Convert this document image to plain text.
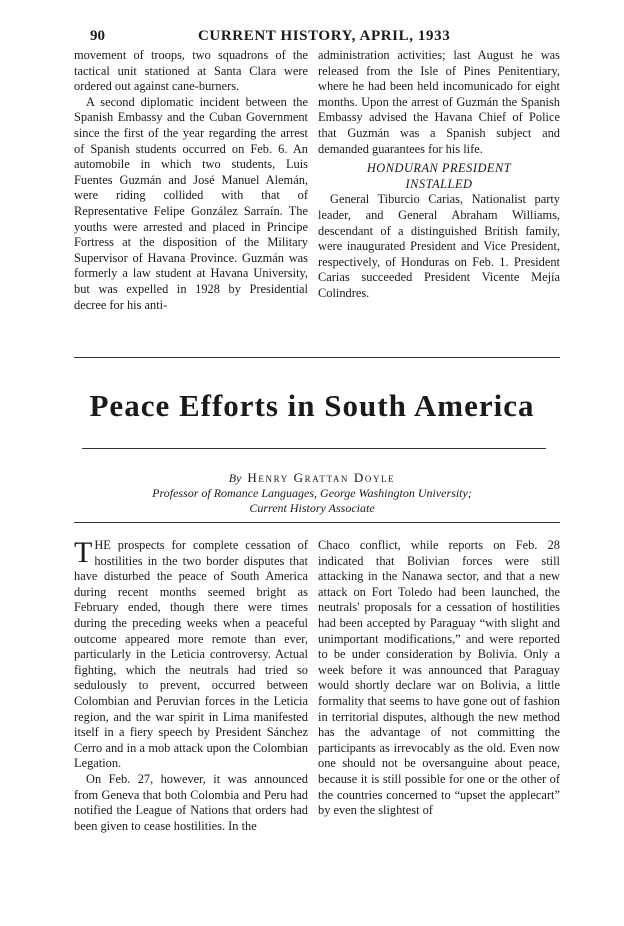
90	CURRENT HISTORY, APRIL, 1933

movement of troops, two squadrons of the tactical unit stationed at Santa Clara were ordered out against cane-burners.

A second diplomatic incident between the Spanish Embassy and the Cuban Government since the first of the year regarding the arrest of Spanish students occurred on Feb. 6. An automobile in which two students, Luis Fuentes Guzmán and José Manuel Alemán, were riding collided with that of Representative Felipe González Sarraín. The youths were arrested and placed in Principe Fortress at the disposition of the Military Supervisor of Havana Province. Guzmán was formerly a law student at Havana University, but was expelled in 1928 by Presidential decree for his anti-

administration activities; last August he was released from the Isle of Pines Penitentiary, where he had been held incomunicado for eight months. Upon the arrest of Guzmán the Spanish Embassy advised the Havana Chief of Police that Guzmán was a Spanish subject and demanded guarantees for his life.

HONDURAN PRESIDENT
INSTALLED

General Tiburcio Carias, Nationalist party leader, and General Abraham Williams, descendant of a distinguished British family, were inaugurated President and Vice President, respectively, of Honduras on Feb. 1. President Carias succeeded President Vicente Mejía Colindres.

Peace Efforts in South America
By Henry Grattan Doyle
Professor of Romance Languages, George Washington University;
Current History Associate

THE prospects for complete cessation of hostilities in the two border disputes that have disturbed the peace of South America during recent months seemed bright as February ended, though there were times during the preceding weeks when a peaceful outcome appeared more remote than ever, particularly in the Leticia controversy. Actual fighting, which the neutrals had tried so sedulously to prevent, occurred between Colombian and Peruvian forces in the Leticia region, and the war spirit in Lima manifested itself in a fiery speech by President Sánchez Cerro and in a mob attack upon the Colombian Legation.

On Feb. 27, however, it was announced from Geneva that both Colombia and Peru had notified the League of Nations that orders had been given to cease hostilities. In the

Chaco conflict, while reports on Feb. 28 indicated that Bolivian forces were still attacking in the Nanawa sector, and that a new attack on Fort Toledo had been launched, the neutrals' proposals for a cessation of hostilities had been accepted by Paraguay “with slight and unimportant modifications,” and were reported to be under consideration by Bolivia. Only a week before it was announced that Paraguay would shortly declare war on Bolivia, a little formality that seems to have gone out of fashion in territorial disputes, although the new method has the advantage of not committing the participants as irrevocably as the old. Even now one should not be oversanguine about peace, because it is still possible for one or the other of the countries concerned to “upset the applecart” by even the slightest of
